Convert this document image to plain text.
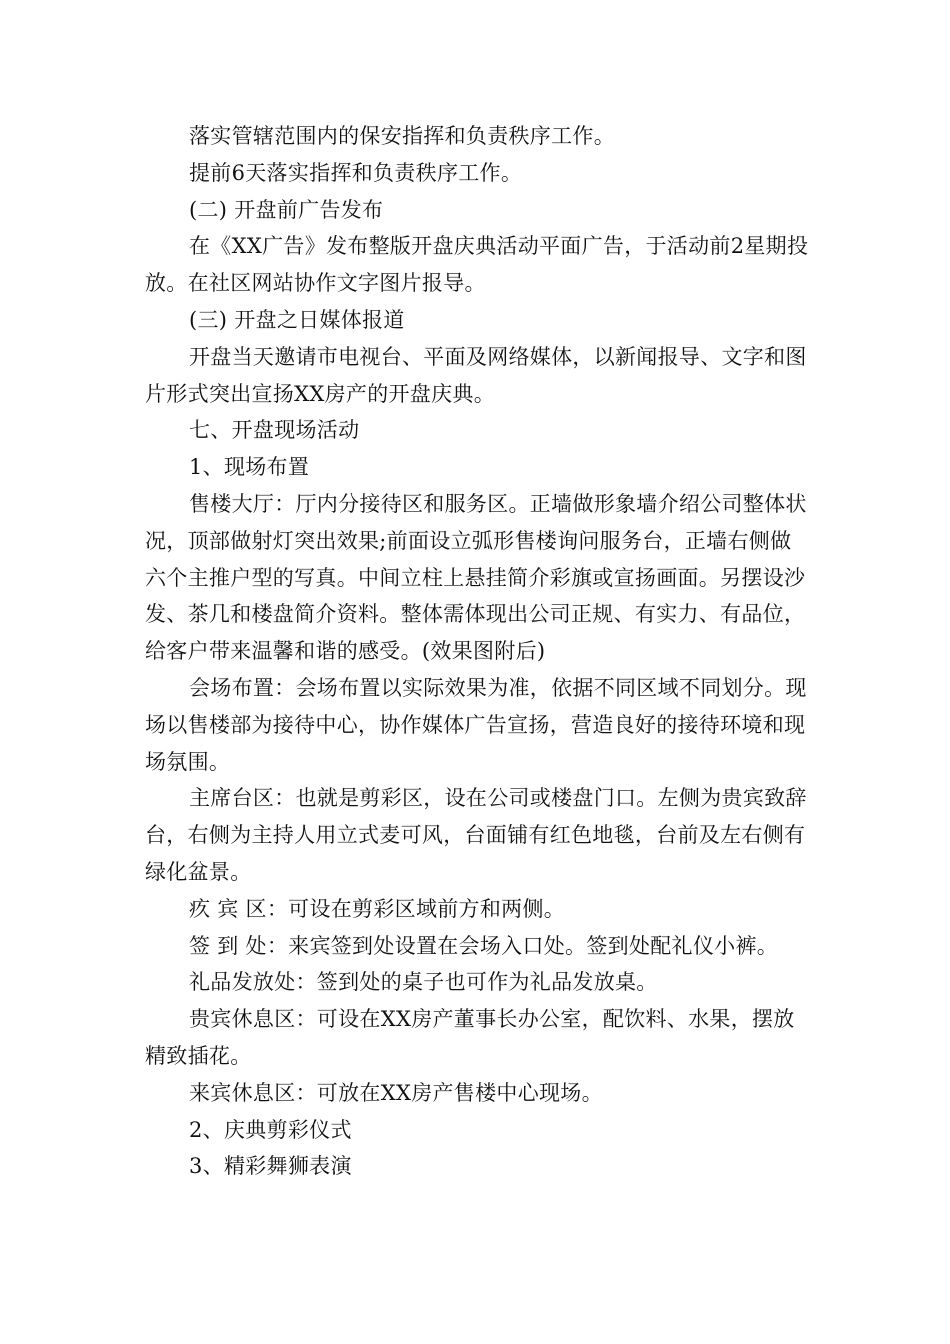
落实管辖范围内的保安指挥和负责秩序工作。

提前6天落实指挥和负责秩序工作。

(二) 开盘前广告发布

在《XX广告》发布整版开盘庆典活动平面广告，于活动前2星期投放。在社区网站协作文字图片报导。

(三) 开盘之日媒体报道

开盘当天邀请市电视台、平面及网络媒体，以新闻报导、文字和图片形式突出宣扬XX房产的开盘庆典。

七、开盘现场活动

1、现场布置

售楼大厅：厅内分接待区和服务区。正墙做形象墙介绍公司整体状况，顶部做射灯突出效果;前面设立弧形售楼询问服务台，正墙右侧做六个主推户型的写真。中间立柱上悬挂简介彩旗或宣扬画面。另摆设沙发、茶几和楼盘简介资料。整体需体现出公司正规、有实力、有品位，给客户带来温馨和谐的感受。(效果图附后)

会场布置：会场布置以实际效果为准，依据不同区域不同划分。现场以售楼部为接待中心，协作媒体广告宣扬，营造良好的接待环境和现场氛围。

主席台区：也就是剪彩区，设在公司或楼盘门口。左侧为贵宾致辞台，右侧为主持人用立式麦可风，台面铺有红色地毯，台前及左右侧有绿化盆景。

疚 宾 区：可设在剪彩区域前方和两侧。

签 到 处：来宾签到处设置在会场入口处。签到处配礼仪小裤。

礼品发放处：签到处的桌子也可作为礼品发放桌。

贵宾休息区：可设在XX房产董事长办公室，配饮料、水果，摆放精致插花。

来宾休息区：可放在XX房产售楼中心现场。

2、庆典剪彩仪式

3、精彩舞狮表演
